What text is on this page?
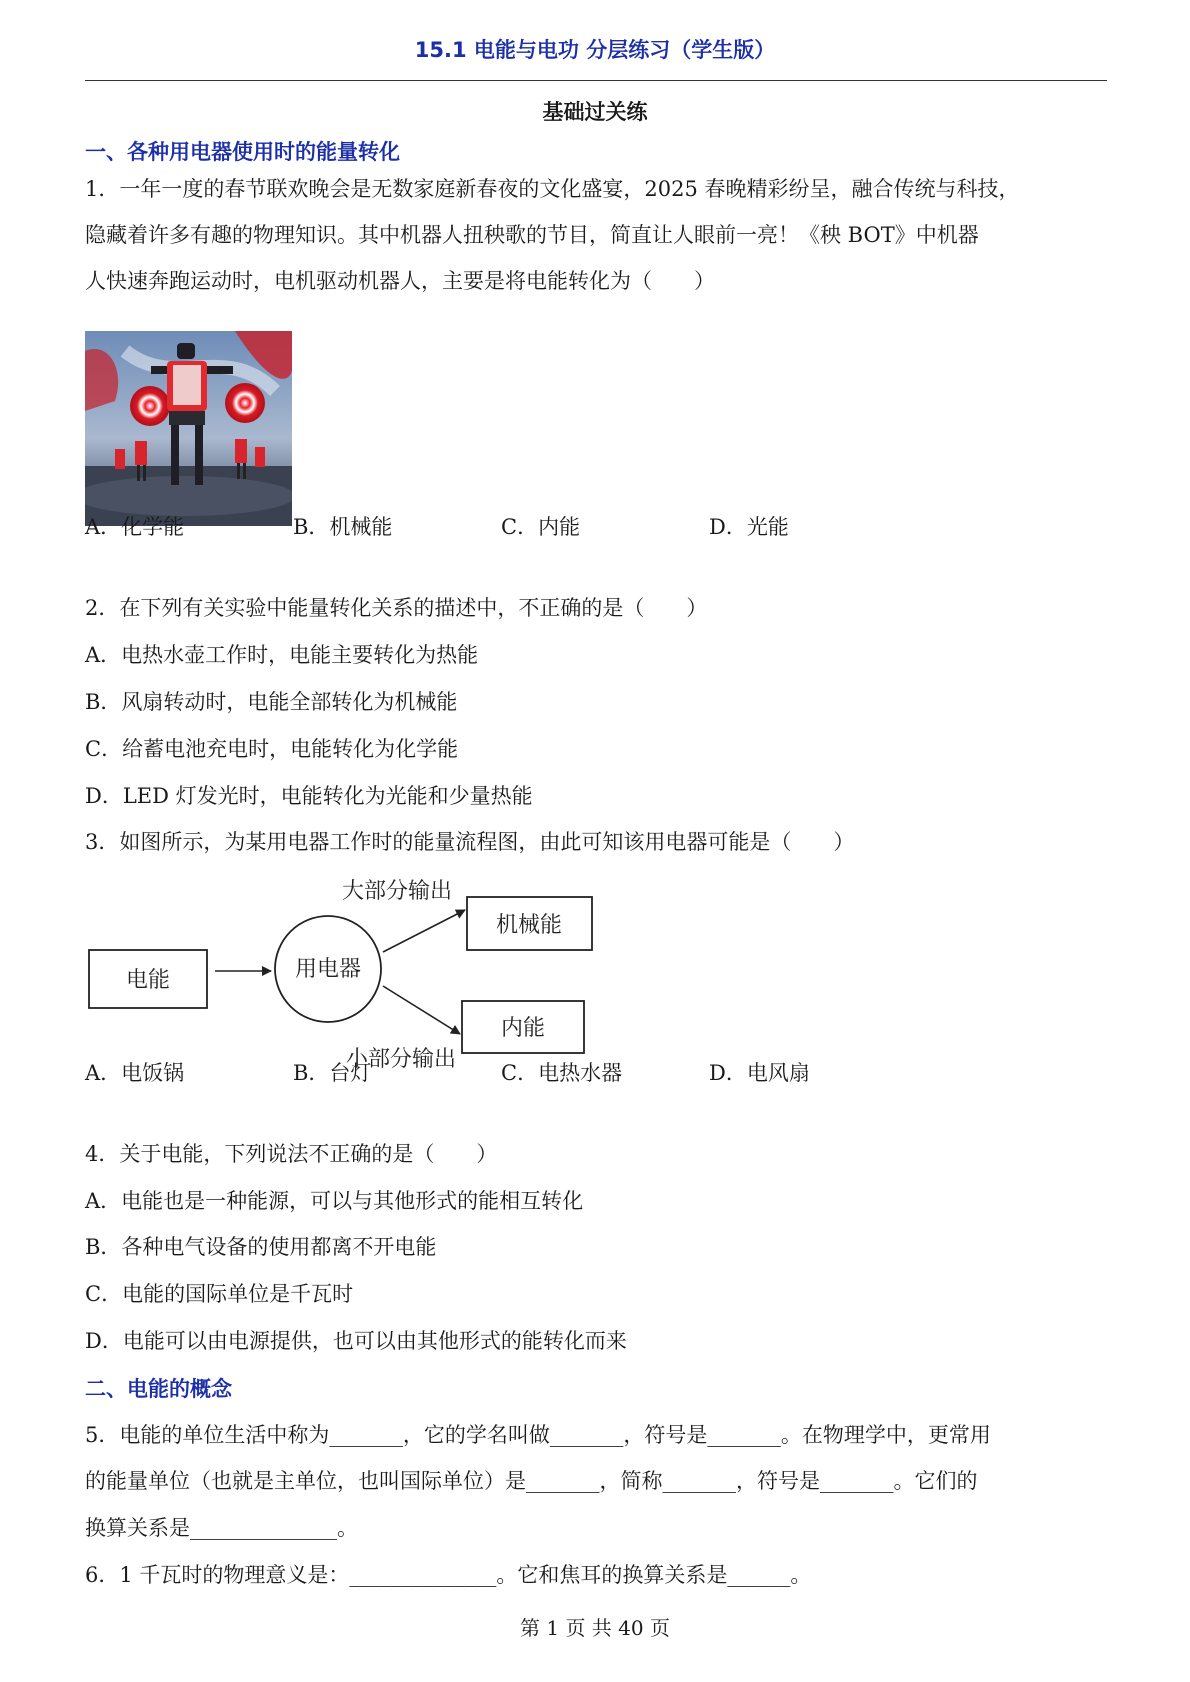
15.1 电能与电功 分层练习（学生版）
基础过关练
一、各种用电器使用时的能量转化
1．一年一度的春节联欢晚会是无数家庭新春夜的文化盛宴，2025 春晚精彩纷呈，融合传统与科技，
隐藏着许多有趣的物理知识。其中机器人扭秧歌的节目，简直让人眼前一亮！《秧 BOT》中机器
人快速奔跑运动时，电机驱动机器人，主要是将电能转化为（　　）
A．化学能	B．机械能	C．内能	D．光能
2．在下列有关实验中能量转化关系的描述中，不正确的是（　　）
A．电热水壶工作时，电能主要转化为热能
B．风扇转动时，电能全部转化为机械能
C．给蓄电池充电时，电能转化为化学能
D．LED 灯发光时，电能转化为光能和少量热能
3．如图所示，为某用电器工作时的能量流程图，由此可知该用电器可能是（　　）
电能	用电器
大部分输出
小部分输出
机械能
内能
A．电饭锅	B．台灯	C．电热水器	D．电风扇
4．关于电能，下列说法不正确的是（　　）
A．电能也是一种能源，可以与其他形式的能相互转化
B．各种电气设备的使用都离不开电能
C．电能的国际单位是千瓦时
D．电能可以由电源提供，也可以由其他形式的能转化而来
二、电能的概念
5．电能的单位生活中称为_______，它的学名叫做_______，符号是_______。在物理学中，更常用
的能量单位（也就是主单位，也叫国际单位）是_______，简称_______，符号是_______。它们的
换算关系是______________。
6．1 千瓦时的物理意义是：______________。它和焦耳的换算关系是______。
第 1 页 共 40 页
